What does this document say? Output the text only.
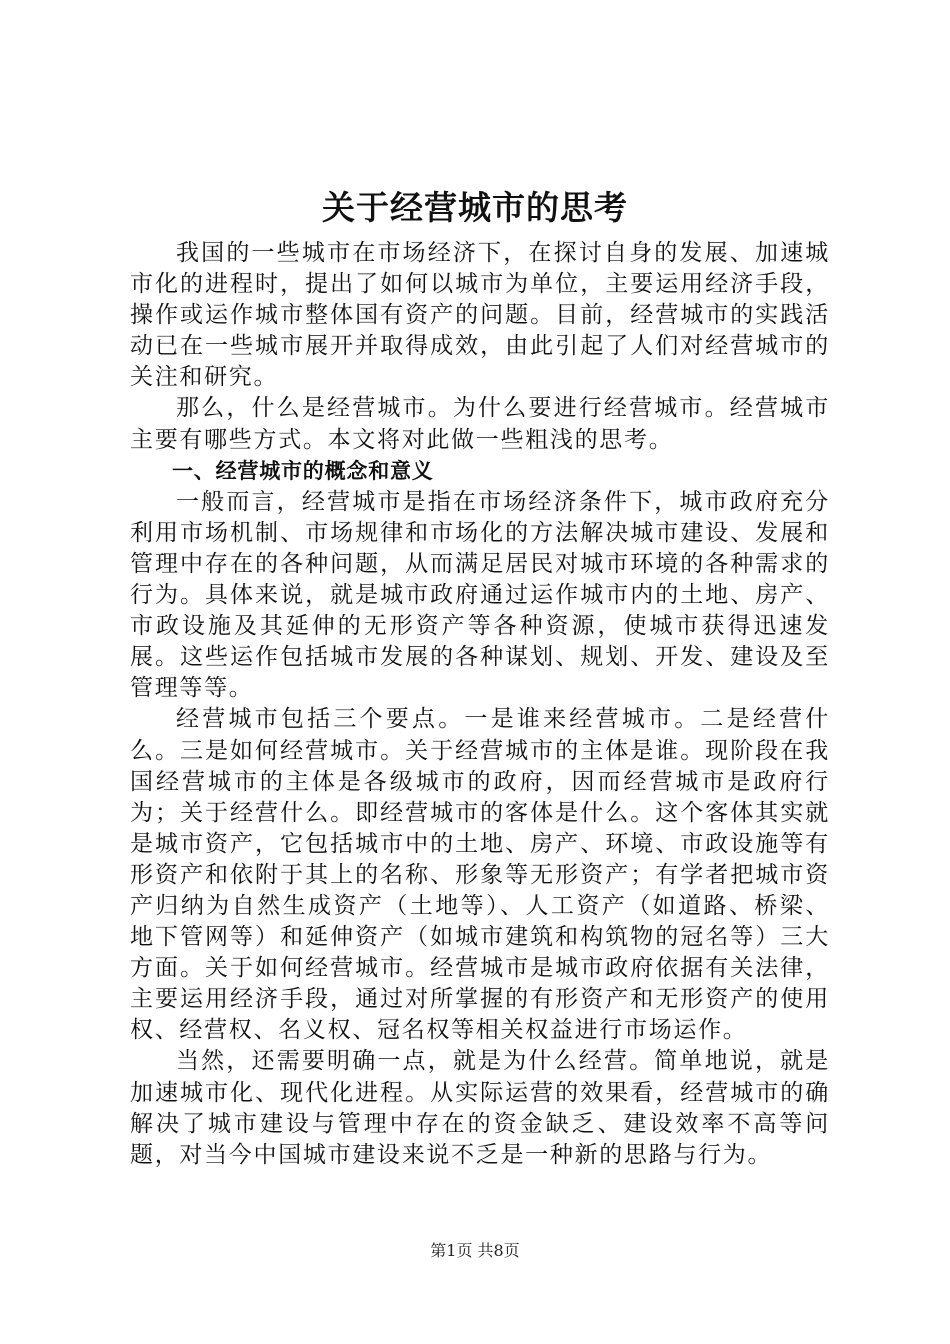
关于经营城市的思考

我国的一些城市在市场经济下，在探讨自身的发展、加速城市化的进程时，提出了如何以城市为单位，主要运用经济手段，操作或运作城市整体国有资产的问题。目前，经营城市的实践活动已在一些城市展开并取得成效，由此引起了人们对经营城市的关注和研究。

那么，什么是经营城市。为什么要进行经营城市。经营城市主要有哪些方式。本文将对此做一些粗浅的思考。

一、经营城市的概念和意义

一般而言，经营城市是指在市场经济条件下，城市政府充分利用市场机制、市场规律和市场化的方法解决城市建设、发展和管理中存在的各种问题，从而满足居民对城市环境的各种需求的行为。具体来说，就是城市政府通过运作城市内的土地、房产、市政设施及其延伸的无形资产等各种资源，使城市获得迅速发展。这些运作包括城市发展的各种谋划、规划、开发、建设及至管理等等。

经营城市包括三个要点。一是谁来经营城市。二是经营什么。三是如何经营城市。关于经营城市的主体是谁。现阶段在我国经营城市的主体是各级城市的政府，因而经营城市是政府行为；关于经营什么。即经营城市的客体是什么。这个客体其实就是城市资产，它包括城市中的土地、房产、环境、市政设施等有形资产和依附于其上的名称、形象等无形资产；有学者把城市资产归纳为自然生成资产（土地等）、人工资产（如道路、桥梁、地下管网等）和延伸资产（如城市建筑和构筑物的冠名等）三大方面。关于如何经营城市。经营城市是城市政府依据有关法律，主要运用经济手段，通过对所掌握的有形资产和无形资产的使用权、经营权、名义权、冠名权等相关权益进行市场运作。

当然，还需要明确一点，就是为什么经营。简单地说，就是加速城市化、现代化进程。从实际运营的效果看，经营城市的确解决了城市建设与管理中存在的资金缺乏、建设效率不高等问题，对当今中国城市建设来说不乏是一种新的思路与行为。

第1页 共8页
